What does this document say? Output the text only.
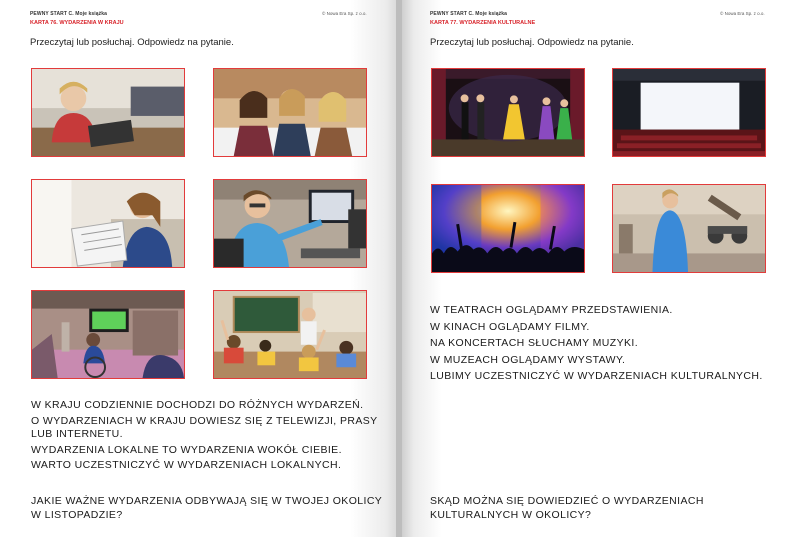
PEWNY START C. Moje książka
KARTA 76. WYDARZENIA W KRAJU
© Nowa Era Sp. z o.o.
Przeczytaj lub posłuchaj. Odpowiedz na pytanie.
W KRAJU CODZIENNIE DOCHODZI DO RÓŻNYCH WYDARZEŃ.
O WYDARZENIACH W KRAJU DOWIESZ SIĘ Z TELEWIZJI, PRASY
LUB INTERNETU.
WYDARZENIA LOKALNE TO WYDARZENIA WOKÓŁ CIEBIE.
WARTO UCZESTNICZYĆ W WYDARZENIACH LOKALNYCH.
JAKIE WAŻNE WYDARZENIA ODBYWAJĄ SIĘ W TWOJEJ OKOLICY
W LISTOPADZIE?
PEWNY START C. Moje książka
KARTA 77. WYDARZENIA KULTURALNE
© Nowa Era Sp. z o.o.
Przeczytaj lub posłuchaj. Odpowiedz na pytanie.
W TEATRACH OGLĄDAMY PRZEDSTAWIENIA.
W KINACH OGLĄDAMY FILMY.
NA KONCERTACH SŁUCHAMY MUZYKI.
W MUZEACH OGLĄDAMY WYSTAWY.
LUBIMY UCZESTNICZYĆ W WYDARZENIACH KULTURALNYCH.
SKĄD MOŻNA SIĘ DOWIEDZIEĆ O WYDARZENIACH
KULTURALNYCH W OKOLICY?
